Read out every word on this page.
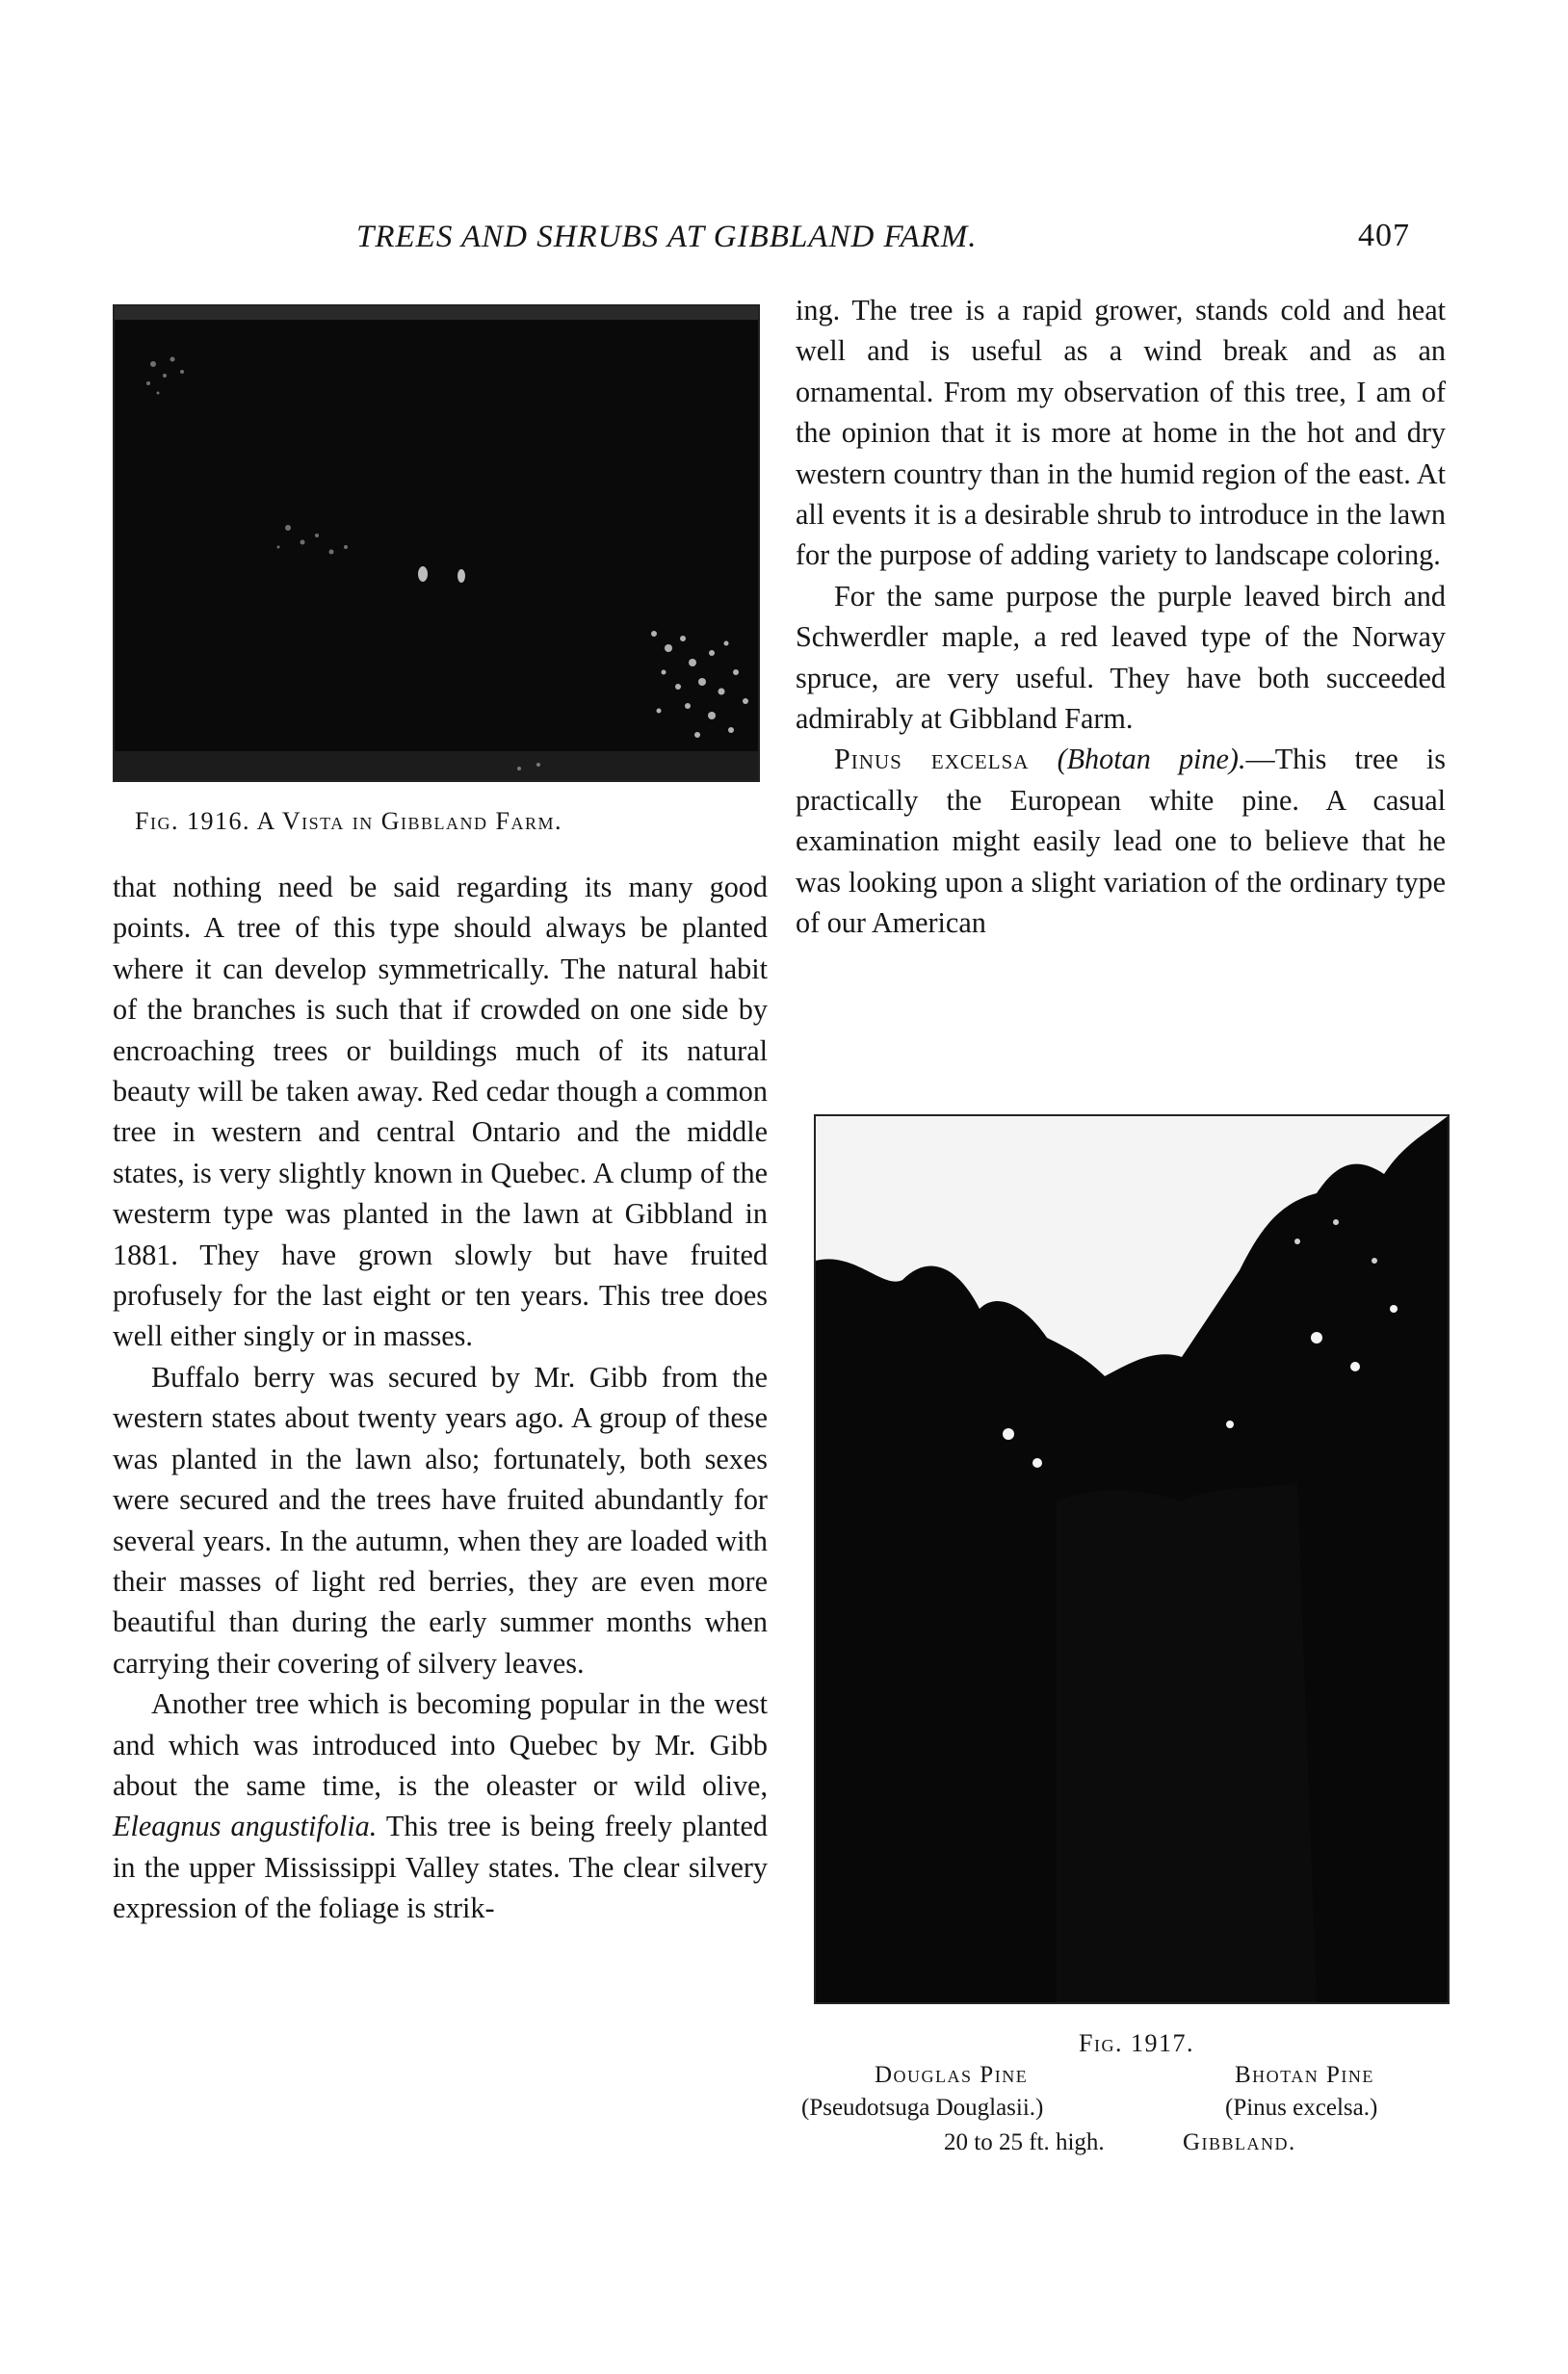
TREES AND SHRUBS AT GIBBLAND FARM.	407
Fig. 1916. A Vista in Gibbland Farm.

that nothing need be said regarding its many good points. A tree of this type should always be planted where it can develop symmetrically. The natural habit of the branches is such that if crowded on one side by encroaching trees or buildings much of its natural beauty will be taken away. Red cedar though a common tree in western and central Ontario and the middle states, is very slightly known in Quebec. A clump of the westerm type was planted in the lawn at Gibbland in 1881. They have grown slowly but have fruited profusely for the last eight or ten years. This tree does well either singly or in masses.

Buffalo berry was secured by Mr. Gibb from the western states about twenty years ago. A group of these was planted in the lawn also; fortunately, both sexes were secured and the trees have fruited abundantly for several years. In the autumn, when they are loaded with their masses of light red berries, they are even more beautiful than during the early summer months when carrying their covering of silvery leaves.

Another tree which is becoming popular in the west and which was introduced into Quebec by Mr. Gibb about the same time, is the oleaster or wild olive, Eleagnus angustifolia. This tree is being freely planted in the upper Mississippi Valley states. The clear silvery expression of the foliage is strik-

ing. The tree is a rapid grower, stands cold and heat well and is useful as a wind break and as an ornamental. From my observation of this tree, I am of the opinion that it is more at home in the hot and dry western country than in the humid region of the east. At all events it is a desirable shrub to introduce in the lawn for the purpose of adding variety to landscape coloring.

For the same purpose the purple leaved birch and Schwerdler maple, a red leaved type of the Norway spruce, are very useful. They have both succeeded admirably at Gibbland Farm.

Pinus excelsa (Bhotan pine).—This tree is practically the European white pine. A casual examination might easily lead one to believe that he was looking upon a slight variation of the ordinary type of our American

Fig. 1917.
Douglas Pine
(Pseudotsuga Douglasii.)
Bhotan Pine
(Pinus excelsa.)
20 to 25 ft. high.	Gibbland.
